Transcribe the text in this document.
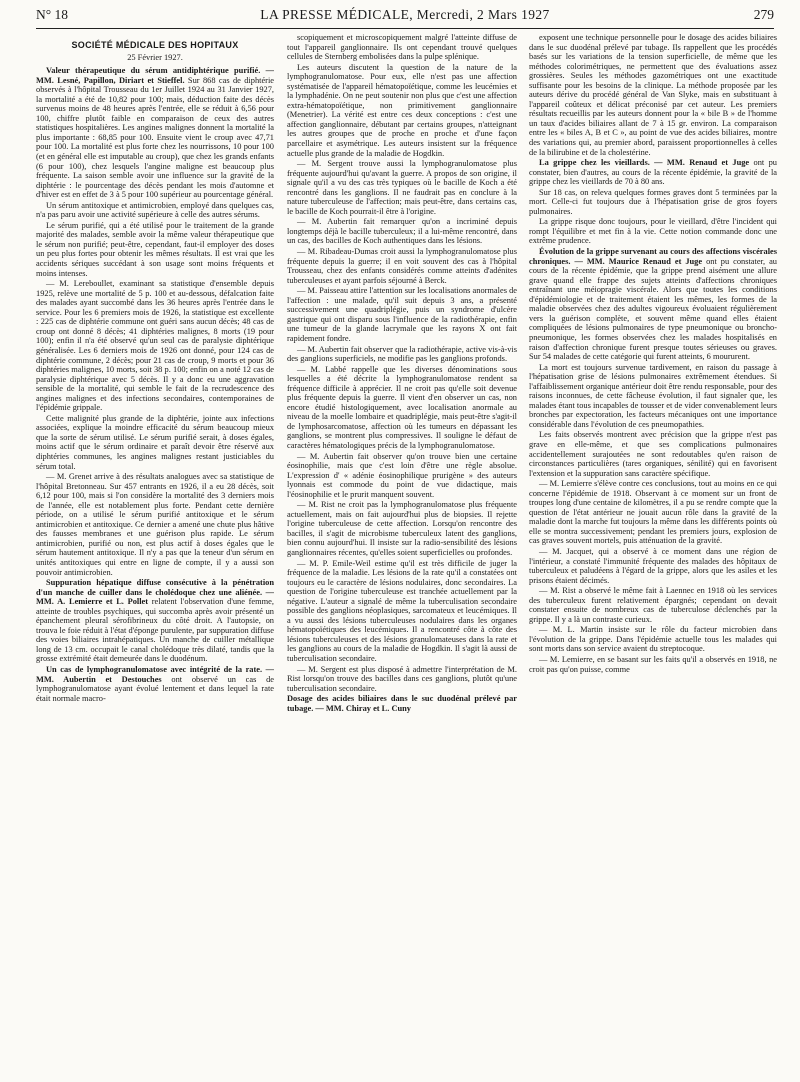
N° 18	LA PRESSE MÉDICALE, Mercredi, 2 Mars 1927	279
SOCIÉTÉ MÉDICALE DES HOPITAUX
25 Février 1927.

Valeur thérapeutique du sérum antidiphtérique purifié. — MM. Lesné, Papillon, Diriart et Stieffel. Sur 868 cas de diphtérie observés à l'hôpital Trousseau du 1er Juillet 1924 au 31 Janvier 1927, la mortalité a été de 10,82 pour 100; mais, déduction faite des décès survenus moins de 48 heures après l'entrée, elle se réduit à 6,56 pour 100, chiffre plutôt faible en comparaison de ceux des autres statistiques hospitalières. Les angines malignes donnent la mortalité la plus importante : 68,85 pour 100. Ensuite vient le croup avec 47,71 pour 100. La mortalité est plus forte chez les nourrissons, 10 pour 100 (et en général elle est imputable au croup), que chez les grands enfants (6 pour 100), chez lesquels l'angine maligne est beaucoup plus fréquente. La saison semble avoir une influence sur la gravité de la diphtérie : le pourcentage des décès pendant les mois d'automne et d'hiver est en effet de 3 à 5 pour 100 supérieur au pourcentage général.

Un sérum antitoxique et antimicrobien, employé dans quelques cas, n'a pas paru avoir une activité supérieure à celle des autres sérums.

Le sérum purifié, qui a été utilisé pour le traitement de la grande majorité des malades, semble avoir la même valeur thérapeutique que le sérum non purifié; peut-être, cependant, faut-il employer des doses un peu plus fortes pour obtenir les mêmes résultats. Il est vrai que les accidents sériques succédant à son usage sont moins fréquents et moins intenses.

— M. Lereboullet, examinant sa statistique d'ensemble depuis 1925, relève une mortalité de 5 p. 100 et au-dessous, défalcation faite des malades ayant succombé dans les 36 heures après l'entrée dans le service. Pour les 6 premiers mois de 1926, la statistique est excellente : 225 cas de diphtérie commune ont guéri sans aucun décès; 48 cas de croup ont donné 8 décès; 41 diphtéries malignes, 8 morts (19 pour 100); enfin il n'a été observé qu'un seul cas de paralysie diphtérique généralisée. Les 6 derniers mois de 1926 ont donné, pour 124 cas de diphtérie commune, 2 décès; pour 21 cas de croup, 9 morts et pour 36 diphtéries malignes, 10 morts, soit 38 p. 100; enfin on a noté 12 cas de paralysie diphtérique avec 5 décès. Il y a donc eu une aggravation sensible de la mortalité, qui semble le fait de la recrudescence des angines malignes et des infections secondaires, contemporaines de l'épidémie grippale.

Cette malignité plus grande de la diphtérie, jointe aux infections associées, explique la moindre efficacité du sérum beaucoup mieux que la sorte de sérum utilisé. Le sérum purifié serait, à doses égales, moins actif que le sérum ordinaire et paraît devoir être réservé aux diphtéries communes, les angines malignes restant justiciables du sérum total.

— M. Grenet arrive à des résultats analogues avec sa statistique de l'hôpital Bretonneau. Sur 457 entrants en 1926, il a eu 28 décès, soit 6,12 pour 100, mais si l'on considère la mortalité des 3 derniers mois de l'année, elle est notablement plus forte. Pendant cette dernière période, on a utilisé le sérum purifié antitoxique et le sérum antimicrobien et antitoxique. Ce dernier a amené une chute plus hâtive des fausses membranes et une guérison plus rapide. Le sérum antimicrobien, purifié ou non, est plus actif à doses égales que le sérum hautement antitoxique. Il n'y a pas que la teneur d'un sérum en unités antitoxiques qui entre en ligne de compte, il y a aussi son pouvoir antimicrobien.

Suppuration hépatique diffuse consécutive à la pénétration d'un manche de cuiller dans le cholédoque chez une aliénée. — MM. A. Lemierre et L. Pollet relatent l'observation d'une femme, atteinte de troubles psychiques, qui succomba après avoir présenté un épanchement pleural sérofibrineux du côté droit. A l'autopsie, on trouva le foie réduit à l'état d'éponge purulente, par suppuration diffuse des voies biliaires intrahépatiques. Un manche de cuiller métallique long de 13 cm. occupait le canal cholédoque très dilaté, tandis que la grosse extrémité était demeurée dans le duodénum.

Un cas de lymphogranulomatose avec intégrité de la rate. — MM. Aubertin et Destouches ont observé un cas de lymphogranulomatose ayant évolué lentement et dans lequel la rate était normale macro-

scopiquement et microscopiquement malgré l'atteinte diffuse de tout l'appareil ganglionnaire. Ils ont cependant trouvé quelques cellules de Sternberg embolisées dans la pulpe splénique.

Les auteurs discutent la question de la nature de la lymphogranulomatose. Pour eux, elle n'est pas une affection systématisée de l'appareil hématopoïétique, comme les leucémies et la lymphadénie. On ne peut soutenir non plus que c'est une affection extra-hématopoïétique, non primitivement ganglionnaire (Menetrier). La vérité est entre ces deux conceptions : c'est une affection ganglionnaire, débutant par certains groupes, n'atteignant les autres groupes que de proche en proche et d'une façon parcellaire et asymétrique. Les auteurs insistent sur la fréquence actuelle plus grande de la maladie de Hogdkin.

— M. Sergent trouve aussi la lymphogranulomatose plus fréquente aujourd'hui qu'avant la guerre. A propos de son origine, il signale qu'il a vu des cas très typiques où le bacille de Koch a été rencontré dans les ganglions. Il ne faudrait pas en conclure à la nature tuberculeuse de l'affection; mais peut-être, dans certains cas, le bacille de Koch pourrait-il être à l'origine.

— M. Aubertin fait remarquer qu'on a incriminé depuis longtemps déjà le bacille tuberculeux; il a lui-même rencontré, dans un cas, des bacilles de Koch authentiques dans les lésions.

— M. Ribadeau-Dumas croit aussi la lymphogranulomatose plus fréquente depuis la guerre; il en voit souvent des cas à l'hôpital Trousseau, chez des enfants considérés comme atteints d'adénites tuberculeuses et ayant parfois séjourné à Berck.

— M. Paisseau attire l'attention sur les localisations anormales de l'affection : une malade, qu'il suit depuis 3 ans, a présenté successivement une quadriplégie, puis un syndrome d'ulcère gastrique qui ont disparu sous l'influence de la radiothérapie, enfin une tumeur de la glande lacrymale que les rayons X ont fait rapidement fondre.

— M. Aubertin fait observer que la radiothérapie, active vis-à-vis des ganglions superficiels, ne modifie pas les ganglions profonds.

— M. Labbé rappelle que les diverses dénominations sous lesquelles a été décrite la lymphogranulomatose rendent sa fréquence difficile à apprécier. Il ne croit pas qu'elle soit devenue plus fréquente depuis la guerre. Il vient d'en observer un cas, non encore étudié histologiquement, avec localisation anormale au niveau de la moelle lombaire et quadriplégie, mais peut-être s'agit-il de lymphosarcomatose, affection où les tumeurs en dépassant les ganglions, se montrent plus compressives. Il souligne le défaut de caractères hématologiques précis de la lymphogranulomatose.

— M. Aubertin fait observer qu'on trouve bien une certaine éosinophilie, mais que c'est loin d'être une règle absolue. L'expression d' « adénie éosinophilique prurigène » des auteurs lyonnais est commode du point de vue didactique, mais l'éosinophilie et le prurit manquent souvent.

— M. Rist ne croit pas la lymphogranulomatose plus fréquente actuellement, mais on fait aujourd'hui plus de biopsies. Il rejette l'origine tuberculeuse de cette affection. Lorsqu'on rencontre des bacilles, il s'agit de microbisme tuberculeux latent des ganglions, bien connu aujourd'hui. Il insiste sur la radio-sensibilité des lésions ganglionnaires récentes, qu'elles soient superficielles ou profondes.

— M. P. Emile-Weil estime qu'il est très difficile de juger la fréquence de la maladie. Les lésions de la rate qu'il a constatées ont toujours eu le caractère de lésions nodulaires, donc secondaires. La question de l'origine tuberculeuse est tranchée actuellement par la négative. L'auteur a signalé de même la tuberculisation secondaire possible des ganglions néoplasiques, sarcomateux et leucémiques. Il a vu aussi des lésions tuberculeuses nodulaires dans les organes hématopoïétiques des leucémiques. Il a rencontré côte à côte des lésions tuberculeuses et des lésions granulomateuses dans la rate et les ganglions au cours de la maladie de Hogdkin. Il s'agit là aussi de tuberculisation secondaire.

— M. Sergent est plus disposé à admettre l'interprétation de M. Rist lorsqu'on trouve des bacilles dans ces ganglions, plutôt qu'une tuberculisation secondaire.

Dosage des acides biliaires dans le suc duodénal prélevé par tubage. — MM. Chiray et L. Cuny

exposent une technique personnelle pour le dosage des acides biliaires dans le suc duodénal prélevé par tubage. Ils rappellent que les procédés basés sur les variations de la tension superficielle, de même que les méthodes colorimétriques, ne permettent que des évaluations assez grossières. Seules les méthodes gazométriques ont une exactitude suffisante pour les besoins de la clinique. La méthode proposée par les auteurs dérive du procédé général de Van Slyke, mais en substituant à l'appareil coûteux et délicat préconisé par cet auteur. Les premiers résultats recueillis par les auteurs donnent pour la « bile B » de l'homme un taux d'acides biliaires allant de 7 à 15 gr. environ. La comparaison entre les « biles A, B et C », au point de vue des acides biliaires, montre des variations qui, au premier abord, paraissent proportionnelles à celles de la bilirubine et de la cholestérine.

La grippe chez les vieillards. — MM. Renaud et Juge ont pu constater, bien d'autres, au cours de la récente épidémie, la gravité de la grippe chez les vieillards de 70 à 80 ans.

Sur 18 cas, on releva quelques formes graves dont 5 terminées par la mort. Celle-ci fut toujours due à l'hépatisation grise de gros foyers pulmonaires.

La grippe risque donc toujours, pour le vieillard, d'être l'incident qui rompt l'équilibre et met fin à la vie. Cette notion commande donc une extrême prudence.

Évolution de la grippe survenant au cours des affections viscérales chroniques. — MM. Maurice Renaud et Juge ont pu constater, au cours de la récente épidémie, que la grippe prend aisément une allure grave quand elle frappe des sujets atteints d'affections chroniques entraînant une méiopragie viscérale. Alors que toutes les conditions d'épidémiologie et de traitement étaient les mêmes, les formes de la maladie observées chez des adultes vigoureux évoluaient régulièrement vers la guérison complète, et souvent même quand elles étaient compliquées de lésions pulmonaires de type pneumonique ou broncho-pneumonique, les formes observées chez les malades hospitalisés en raison d'affection chronique furent presque toutes sérieuses ou graves. Sur 54 malades de cette catégorie qui furent atteints, 6 moururent.

La mort est toujours survenue tardivement, en raison du passage à l'hépatisation grise de lésions pulmonaires extrêmement étendues. Si l'affaiblissement organique antérieur doit être rendu responsable, pour des raisons inconnues, de cette fâcheuse évolution, il faut signaler que, les malades étant tous incapables de tousser et de vider convenablement leurs bronches par expectoration, les facteurs mécaniques ont une importance considérable dans l'évolution de ces pneumopathies.

Les faits observés montrent avec précision que la grippe n'est pas grave en elle-même, et que ses complications pulmonaires accidentellement surajoutées ne sont redoutables qu'en raison de circonstances particulières (tares organiques, sénilité) qui en favorisent l'extension et la suppuration sans caractère spécifique.

— M. Lemierre s'élève contre ces conclusions, tout au moins en ce qui concerne l'épidémie de 1918. Observant à ce moment sur un front de troupes long d'une centaine de kilomètres, il a pu se rendre compte que la question de l'état antérieur ne jouait aucun rôle dans la gravité de la maladie dont la marche fut toujours la même dans les différents points où elle se montra successivement; pendant les premiers jours, explosion de cas graves souvent mortels, puis atténuation de la gravité.

— M. Jacquet, qui a observé à ce moment dans une région de l'intérieur, a constaté l'immunité fréquente des malades des hôpitaux de tuberculeux et paludéens à l'égard de la grippe, alors que les asiles et les prisons étaient décimés.

— M. Rist a observé le même fait à Laennec en 1918 où les services des tuberculeux furent relativement épargnés; cependant on devait constater ensuite de nombreux cas de tuberculose déclenchés par la grippe. Il y a là un contraste curieux.

— M. L. Martin insiste sur le rôle du facteur microbien dans l'évolution de la grippe. Dans l'épidémie actuelle tous les malades qui sont morts dans son service avaient du streptocoque.

— M. Lemierre, en se basant sur les faits qu'il a observés en 1918, ne croit pas qu'on puisse, comme
